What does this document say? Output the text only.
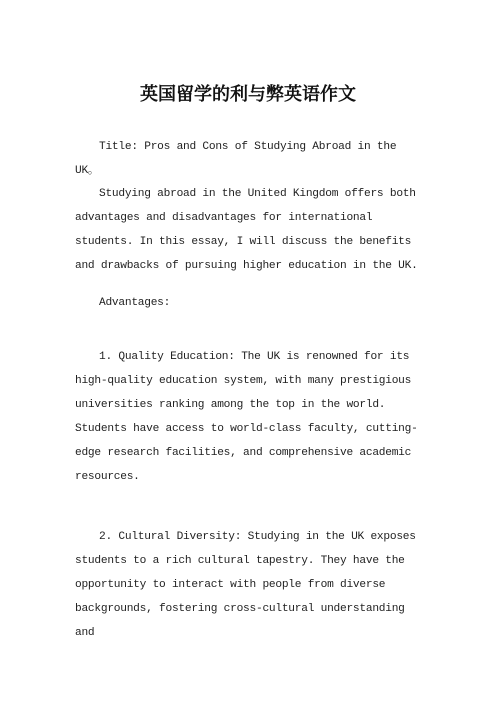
英国留学的利与弊英语作文

Title: Pros and Cons of Studying Abroad in the UK。

Studying abroad in the United Kingdom offers both advantages and disadvantages for international students. In this essay, I will discuss the benefits and drawbacks of pursuing higher education in the UK.

Advantages:

1. Quality Education: The UK is renowned for its high-quality education system, with many prestigious universities ranking among the top in the world. Students have access to world-class faculty, cutting-edge research facilities, and comprehensive academic resources.

2. Cultural Diversity: Studying in the UK exposes students to a rich cultural tapestry. They have the opportunity to interact with people from diverse backgrounds, fostering cross-cultural understanding and
